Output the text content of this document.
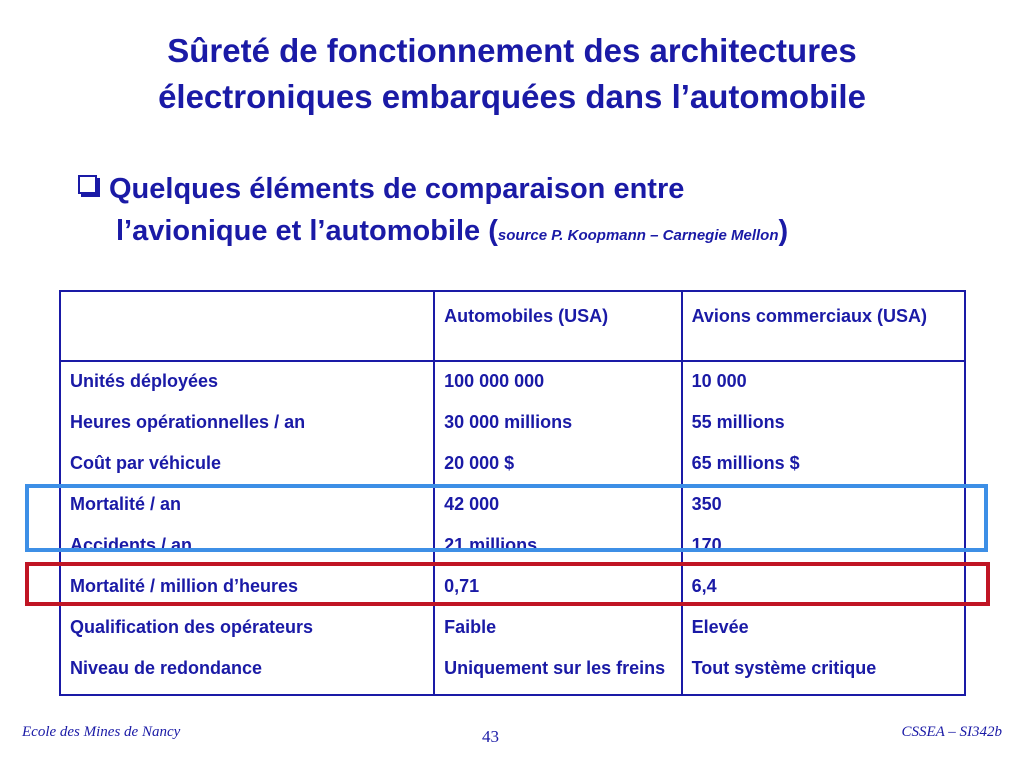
Sûreté de fonctionnement des architectures
électroniques embarquées dans l’automobile
Quelques éléments de comparaison entre
l’avionique et l’automobile (source P. Koopmann – Carnegie Mellon)
	Automobiles (USA)	Avions commerciaux (USA)
Unités déployées	100 000 000	10 000
Heures opérationnelles / an	30 000 millions	55 millions
Coût par véhicule	20 000 $	65 millions $
Mortalité / an	42 000	350
Accidents / an	21 millions	170
Mortalité / million d’heures	0,71	6,4
Qualification des opérateurs	Faible	Elevée
Niveau de redondance	Uniquement sur les freins	Tout système critique
Ecole des Mines de Nancy	43	CSSEA – SI342b
